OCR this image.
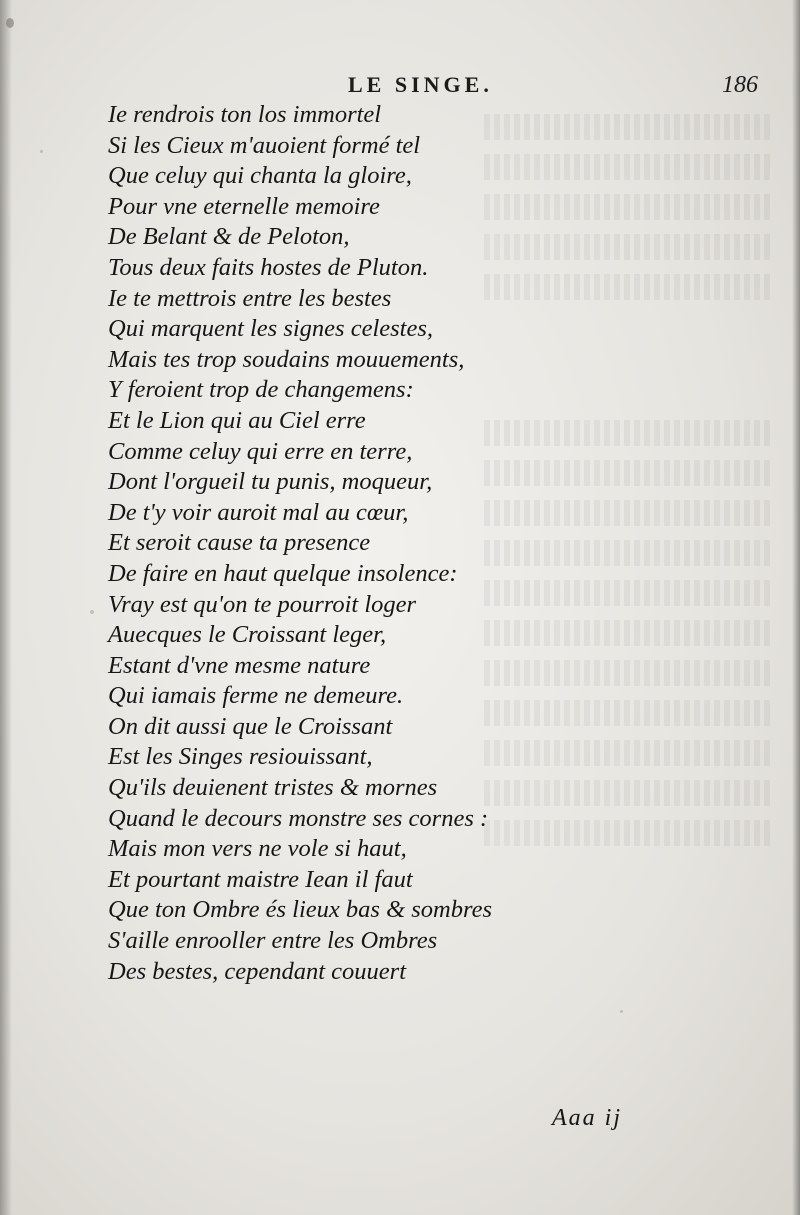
LE SINGE.	186
Ie rendrois ton los immortel
Si les Cieux m'auoient formé tel
Que celuy qui chanta la gloire,
Pour vne eternelle memoire
De Belant & de Peloton,
Tous deux faits hostes de Pluton.
Ie te mettrois entre les bestes
Qui marquent les signes celestes,
Mais tes trop soudains mouuements,
Y feroient trop de changemens:
Et le Lion qui au Ciel erre
Comme celuy qui erre en terre,
Dont l'orgueil tu punis, moqueur,
De t'y voir auroit mal au cœur,
Et seroit cause ta presence
De faire en haut quelque insolence:
Vray est qu'on te pourroit loger
Auecques le Croissant leger,
Estant d'vne mesme nature
Qui iamais ferme ne demeure.
On dit aussi que le Croissant
Est les Singes resiouissant,
Qu'ils deuienent tristes & mornes
Quand le decours monstre ses cornes :
Mais mon vers ne vole si haut,
Et pourtant maistre Iean il faut
Que ton Ombre és lieux bas & sombres
S'aille enrooller entre les Ombres
Des bestes, cependant couuert
Aaa ij
